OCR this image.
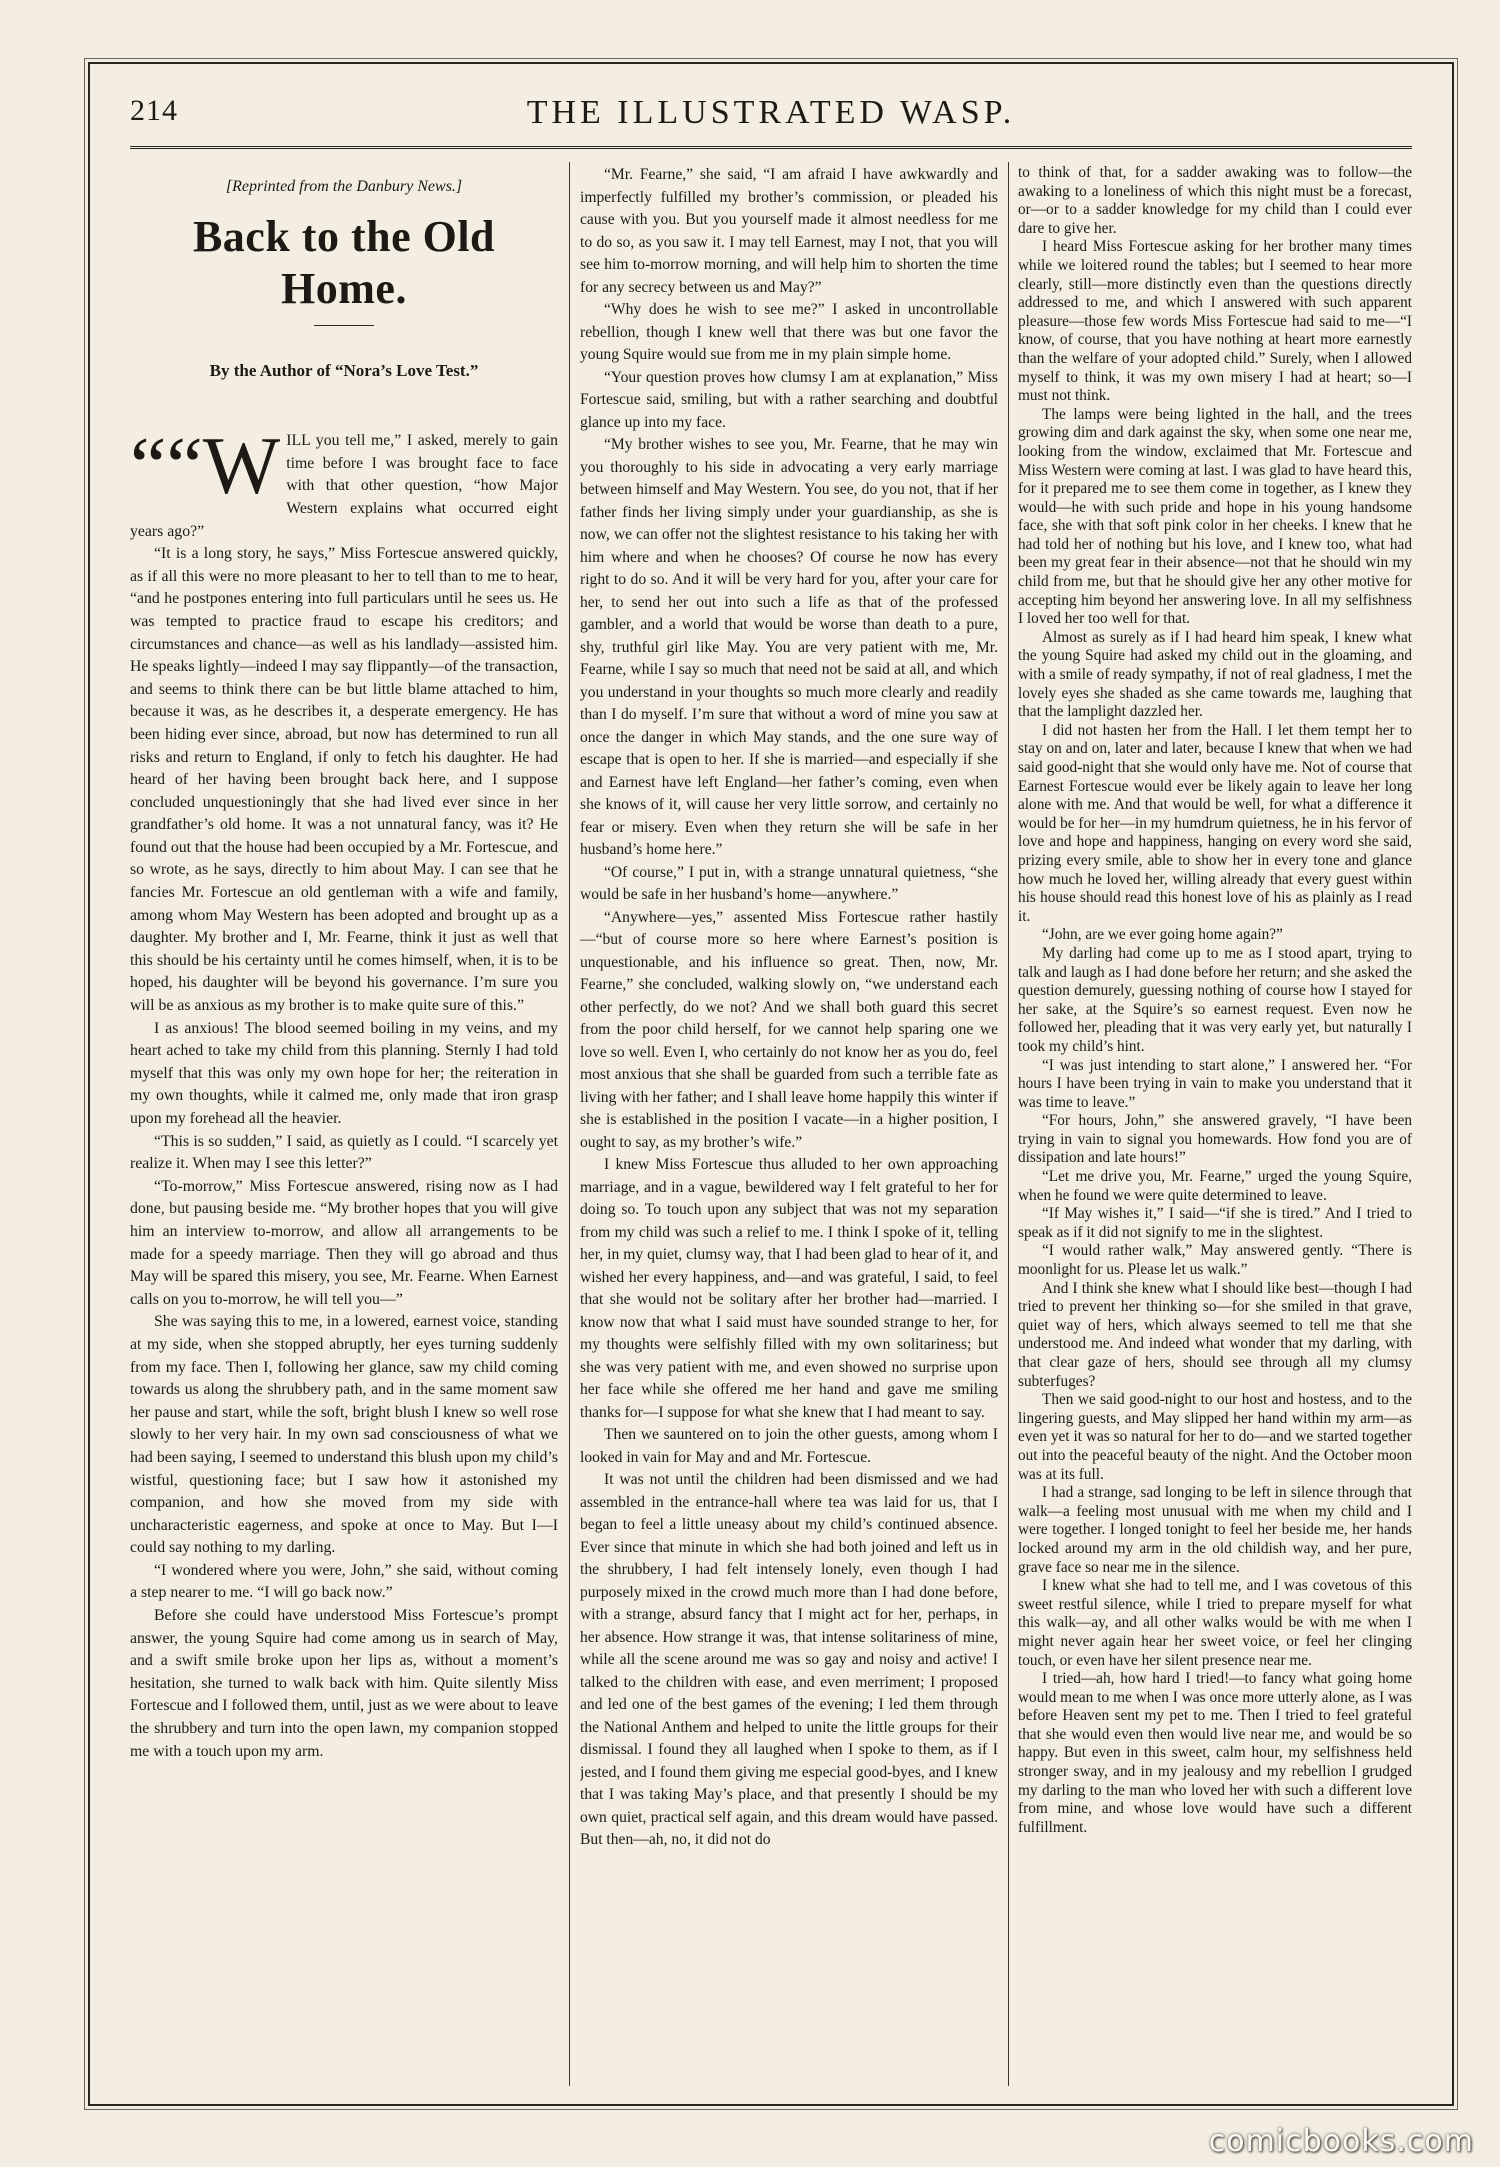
214	THE ILLUSTRATED WASP.
[Reprinted from the Danbury News.]
Back to the Old Home.
By the Author of “Nora’s Love Test.”

““W ILL you tell me,” I asked, merely to gain time before I was brought face to face with that other question, “how Major Western explains what occurred eight years ago?”

“It is a long story, he says,” Miss Fortescue answered quickly, as if all this were no more pleasant to her to tell than to me to hear, “and he postpones entering into full particulars until he sees us. He was tempted to practice fraud to escape his creditors; and circumstances and chance—as well as his landlady—assisted him. He speaks lightly—indeed I may say flippantly—of the transaction, and seems to think there can be but little blame attached to him, because it was, as he describes it, a desperate emergency. He has been hiding ever since, abroad, but now has determined to run all risks and return to England, if only to fetch his daughter. He had heard of her having been brought back here, and I suppose concluded unquestioningly that she had lived ever since in her grandfather’s old home. It was a not unnatural fancy, was it? He found out that the house had been occupied by a Mr. Fortescue, and so wrote, as he says, directly to him about May. I can see that he fancies Mr. Fortescue an old gentleman with a wife and family, among whom May Western has been adopted and brought up as a daughter. My brother and I, Mr. Fearne, think it just as well that this should be his certainty until he comes himself, when, it is to be hoped, his daughter will be beyond his governance. I’m sure you will be as anxious as my brother is to make quite sure of this.”

I as anxious! The blood seemed boiling in my veins, and my heart ached to take my child from this planning. Sternly I had told myself that this was only my own hope for her; the reiteration in my own thoughts, while it calmed me, only made that iron grasp upon my forehead all the heavier.

“This is so sudden,” I said, as quietly as I could. “I scarcely yet realize it. When may I see this letter?”

“To-morrow,” Miss Fortescue answered, rising now as I had done, but pausing beside me. “My brother hopes that you will give him an interview to-morrow, and allow all arrangements to be made for a speedy marriage. Then they will go abroad and thus May will be spared this misery, you see, Mr. Fearne. When Earnest calls on you to-morrow, he will tell you—”

She was saying this to me, in a lowered, earnest voice, standing at my side, when she stopped abruptly, her eyes turning suddenly from my face. Then I, following her glance, saw my child coming towards us along the shrubbery path, and in the same moment saw her pause and start, while the soft, bright blush I knew so well rose slowly to her very hair. In my own sad consciousness of what we had been saying, I seemed to understand this blush upon my child’s wistful, questioning face; but I saw how it astonished my companion, and how she moved from my side with uncharacteristic eagerness, and spoke at once to May. But I—I could say nothing to my darling.

“I wondered where you were, John,” she said, without coming a step nearer to me. “I will go back now.”

Before she could have understood Miss Fortescue’s prompt answer, the young Squire had come among us in search of May, and a swift smile broke upon her lips as, without a moment’s hesitation, she turned to walk back with him. Quite silently Miss Fortescue and I followed them, until, just as we were about to leave the shrubbery and turn into the open lawn, my companion stopped me with a touch upon my arm.

“Mr. Fearne,” she said, “I am afraid I have awkwardly and imperfectly fulfilled my brother’s commission, or pleaded his cause with you. But you yourself made it almost needless for me to do so, as you saw it. I may tell Earnest, may I not, that you will see him to-morrow morning, and will help him to shorten the time for any secrecy between us and May?”

“Why does he wish to see me?” I asked in uncontrollable rebellion, though I knew well that there was but one favor the young Squire would sue from me in my plain simple home.

“Your question proves how clumsy I am at explanation,” Miss Fortescue said, smiling, but with a rather searching and doubtful glance up into my face.

“My brother wishes to see you, Mr. Fearne, that he may win you thoroughly to his side in advocating a very early marriage between himself and May Western. You see, do you not, that if her father finds her living simply under your guardianship, as she is now, we can offer not the slightest resistance to his taking her with him where and when he chooses? Of course he now has every right to do so. And it will be very hard for you, after your care for her, to send her out into such a life as that of the professed gambler, and a world that would be worse than death to a pure, shy, truthful girl like May. You are very patient with me, Mr. Fearne, while I say so much that need not be said at all, and which you understand in your thoughts so much more clearly and readily than I do myself. I’m sure that without a word of mine you saw at once the danger in which May stands, and the one sure way of escape that is open to her. If she is married—and especially if she and Earnest have left England—her father’s coming, even when she knows of it, will cause her very little sorrow, and certainly no fear or misery. Even when they return she will be safe in her husband’s home here.”

“Of course,” I put in, with a strange unnatural quietness, “she would be safe in her husband’s home—anywhere.”

“Anywhere—yes,” assented Miss Fortescue rather hastily—“but of course more so here where Earnest’s position is unquestionable, and his influence so great. Then, now, Mr. Fearne,” she concluded, walking slowly on, “we understand each other perfectly, do we not? And we shall both guard this secret from the poor child herself, for we cannot help sparing one we love so well. Even I, who certainly do not know her as you do, feel most anxious that she shall be guarded from such a terrible fate as living with her father; and I shall leave home happily this winter if she is established in the position I vacate—in a higher position, I ought to say, as my brother’s wife.”

I knew Miss Fortescue thus alluded to her own approaching marriage, and in a vague, bewildered way I felt grateful to her for doing so. To touch upon any subject that was not my separation from my child was such a relief to me. I think I spoke of it, telling her, in my quiet, clumsy way, that I had been glad to hear of it, and wished her every happiness, and—and was grateful, I said, to feel that she would not be solitary after her brother had—married. I know now that what I said must have sounded strange to her, for my thoughts were selfishly filled with my own solitariness; but she was very patient with me, and even showed no surprise upon her face while she offered me her hand and gave me smiling thanks for—I suppose for what she knew that I had meant to say.

Then we sauntered on to join the other guests, among whom I looked in vain for May and and Mr. Fortescue.

It was not until the children had been dismissed and we had assembled in the entrance-hall where tea was laid for us, that I began to feel a little uneasy about my child’s continued absence. Ever since that minute in which she had both joined and left us in the shrubbery, I had felt intensely lonely, even though I had purposely mixed in the crowd much more than I had done before, with a strange, absurd fancy that I might act for her, perhaps, in her absence. How strange it was, that intense solitariness of mine, while all the scene around me was so gay and noisy and active! I talked to the children with ease, and even merriment; I proposed and led one of the best games of the evening; I led them through the National Anthem and helped to unite the little groups for their dismissal. I found they all laughed when I spoke to them, as if I jested, and I found them giving me especial good-byes, and I knew that I was taking May’s place, and that presently I should be my own quiet, practical self again, and this dream would have passed. But then—ah, no, it did not do

to think of that, for a sadder awaking was to follow—the awaking to a loneliness of which this night must be a forecast, or—or to a sadder knowledge for my child than I could ever dare to give her.

I heard Miss Fortescue asking for her brother many times while we loitered round the tables; but I seemed to hear more clearly, still—more distinctly even than the questions directly addressed to me, and which I answered with such apparent pleasure—those few words Miss Fortescue had said to me—“I know, of course, that you have nothing at heart more earnestly than the welfare of your adopted child.” Surely, when I allowed myself to think, it was my own misery I had at heart; so—I must not think.

The lamps were being lighted in the hall, and the trees growing dim and dark against the sky, when some one near me, looking from the window, exclaimed that Mr. Fortescue and Miss Western were coming at last. I was glad to have heard this, for it prepared me to see them come in together, as I knew they would—he with such pride and hope in his young handsome face, she with that soft pink color in her cheeks. I knew that he had told her of nothing but his love, and I knew too, what had been my great fear in their absence—not that he should win my child from me, but that he should give her any other motive for accepting him beyond her answering love. In all my selfishness I loved her too well for that.

Almost as surely as if I had heard him speak, I knew what the young Squire had asked my child out in the gloaming, and with a smile of ready sympathy, if not of real gladness, I met the lovely eyes she shaded as she came towards me, laughing that that the lamplight dazzled her.

I did not hasten her from the Hall. I let them tempt her to stay on and on, later and later, because I knew that when we had said good-night that she would only have me. Not of course that Earnest Fortescue would ever be likely again to leave her long alone with me. And that would be well, for what a difference it would be for her—in my humdrum quietness, he in his fervor of love and hope and happiness, hanging on every word she said, prizing every smile, able to show her in every tone and glance how much he loved her, willing already that every guest within his house should read this honest love of his as plainly as I read it.

“John, are we ever going home again?”

My darling had come up to me as I stood apart, trying to talk and laugh as I had done before her return; and she asked the question demurely, guessing nothing of course how I stayed for her sake, at the Squire’s so earnest request. Even now he followed her, pleading that it was very early yet, but naturally I took my child’s hint.

“I was just intending to start alone,” I answered her. “For hours I have been trying in vain to make you understand that it was time to leave.”

“For hours, John,” she answered gravely, “I have been trying in vain to signal you homewards. How fond you are of dissipation and late hours!”

“Let me drive you, Mr. Fearne,” urged the young Squire, when he found we were quite determined to leave.

“If May wishes it,” I said—“if she is tired.” And I tried to speak as if it did not signify to me in the slightest.

“I would rather walk,” May answered gently. “There is moonlight for us. Please let us walk.”

And I think she knew what I should like best—though I had tried to prevent her thinking so—for she smiled in that grave, quiet way of hers, which always seemed to tell me that she understood me. And indeed what wonder that my darling, with that clear gaze of hers, should see through all my clumsy subterfuges?

Then we said good-night to our host and hostess, and to the lingering guests, and May slipped her hand within my arm—as even yet it was so natural for her to do—and we started together out into the peaceful beauty of the night. And the October moon was at its full.

I had a strange, sad longing to be left in silence through that walk—a feeling most unusual with me when my child and I were together. I longed tonight to feel her beside me, her hands locked around my arm in the old childish way, and her pure, grave face so near me in the silence.

I knew what she had to tell me, and I was covetous of this sweet restful silence, while I tried to prepare myself for what this walk—ay, and all other walks would be with me when I might never again hear her sweet voice, or feel her clinging touch, or even have her silent presence near me.

I tried—ah, how hard I tried!—to fancy what going home would mean to me when I was once more utterly alone, as I was before Heaven sent my pet to me. Then I tried to feel grateful that she would even then would live near me, and would be so happy. But even in this sweet, calm hour, my selfishness held stronger sway, and in my jealousy and my rebellion I grudged my darling to the man who loved her with such a different love from mine, and whose love would have such a different fulfillment.

comicbooks.com
